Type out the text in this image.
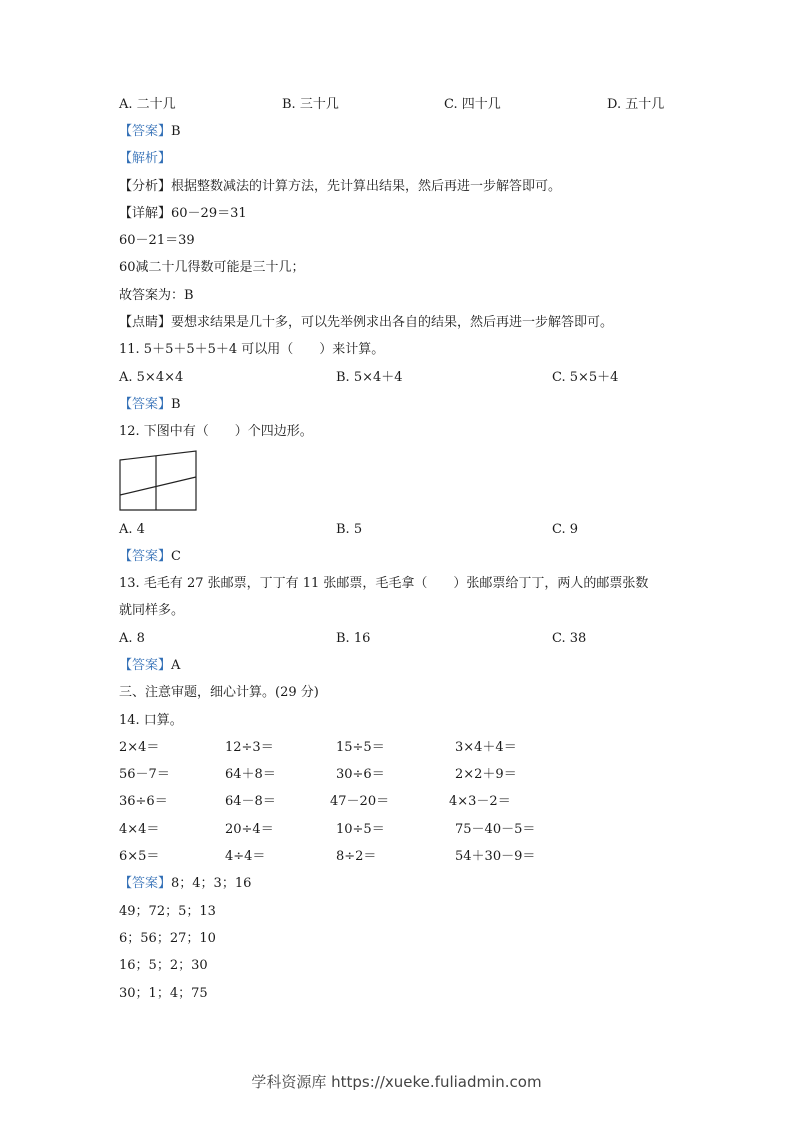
A. 二十几	B. 三十几	C. 四十几	D. 五十几
【答案】B
【解析】
【分析】根据整数减法的计算方法，先计算出结果，然后再进一步解答即可。
【详解】60－29＝31
60－21＝39
60减二十几得数可能是三十几；
故答案为：B
【点睛】要想求结果是几十多，可以先举例求出各自的结果，然后再进一步解答即可。
11. 5＋5＋5＋5＋4 可以用（　　）来计算。
A. 5×4×4	B. 5×4＋4	C. 5×5＋4
【答案】B
12. 下图中有（　　）个四边形。
A. 4	B. 5	C. 9
【答案】C
13. 毛毛有 27 张邮票，丁丁有 11 张邮票，毛毛拿（　　）张邮票给丁丁，两人的邮票张数
就同样多。
A. 8	B. 16	C. 38
【答案】A
三、注意审题，细心计算。(29 分)
14. 口算。
2×4＝	12÷3＝	15÷5＝	3×4＋4＝
56－7＝	64＋8＝	30÷6＝	2×2＋9＝
36÷6＝	64－8＝	47－20＝	4×3－2＝
4×4＝	20÷4＝	10÷5＝	75－40－5＝
6×5＝	4÷4＝	8÷2＝	54＋30－9＝
【答案】8；4；3；16
49；72；5；13
6；56；27；10
16；5；2；30
30；1；4；75
学科资源库 https://xueke.fuliadmin.com
